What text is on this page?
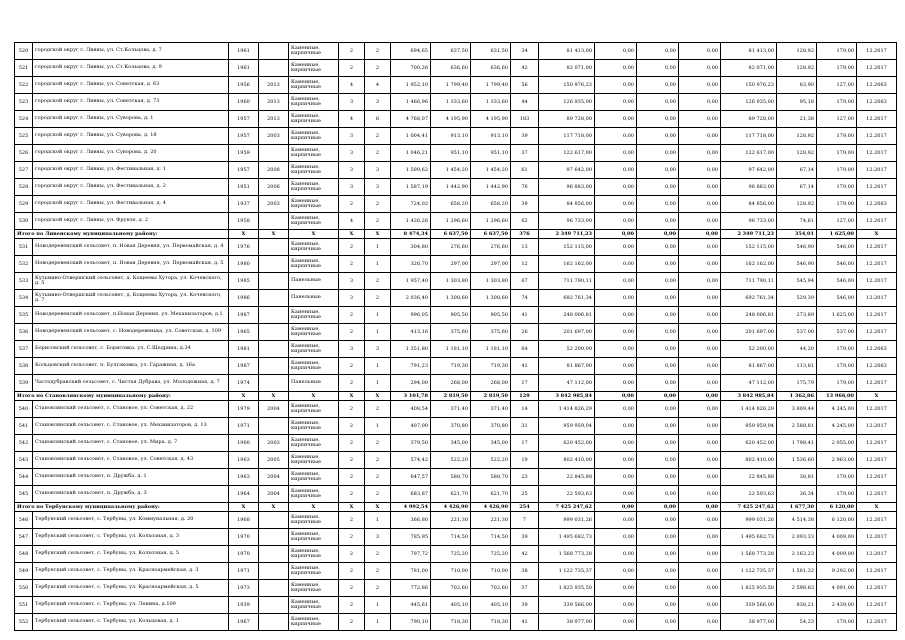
520	городской округ г. Ливны, ул. Ст.Кольцова, д. 7	1961		Каменные, кирпичные	2	2	694,65	637,50	631,50	34	81 413,00	0,00	0,00	0,00	81 413,00	128,92	179,00	12.2017
521	городской округ г. Ливны, ул. Ст.Кольцова, д. 9	1961		Каменные, кирпичные	2	2	700,26	636,60	636,60	42	82 071,00	0,00	0,00	0,00	82 071,00	128,92	179,00	12.2017
522	городской округ г. Ливны, ул. Советская, д. 63	1956	2013	Каменные, кирпичные	4	4	1 952,10	1 799,40	1 799,40	56	150 976,23	0,00	0,00	0,00	150 976,23	83,90	127,00	12.2063
523	городской округ г. Ливны, ул. Советская, д. 73	1960	2013	Каменные, кирпичные	3	3	1 466,96	1 333,60	1 333,60	44	126 935,00	0,00	0,00	0,00	126 935,00	95,18	179,00	12.2063
524	городской округ г. Ливны, ул. Суворова, д. 1	1957	2013	Каменные, кирпичные	4	6	4 768,07	4 195,90	4 195,90	183	89 728,00	0,00	0,00	0,00	89 728,00	21,38	127,00	12.2017
525	городской округ г. Ливны, ул. Суворова, д. 18	1957	2003	Каменные, кирпичные	3	2	1 004,41	913,10	913,10	39	117 718,00	0,00	0,00	0,00	117 718,00	128,92	179,00	12.2017
526	городской округ г. Ливны, ул. Суворова, д. 20	1959		Каменные, кирпичные	3	2	1 046,21	951,10	951,10	37	122 617,00	0,00	0,00	0,00	122 617,00	128,92	179,00	12.2017
527	городской округ г. Ливны, ул. Фестивальная, д. 1	1957	2008	Каменные, кирпичные	3	3	1 599,62	1 454,20	1 454,20	61	97 642,00	0,00	0,00	0,00	97 642,00	67,14	179,00	12.2017
528	городской округ г. Ливны, ул. Фестивальная, д. 2	1951	2006	Каменные, кирпичные	3	3	1 587,19	1 442,90	1 442,90	76	96 883,00	0,00	0,00	0,00	96 883,00	67,14	179,00	12.2017
529	городской округ г. Ливны, ул. Фестивальная, д. 4	1937	2003	Каменные, кирпичные	2	2	724,02	658,20	658,20	39	84 856,00	0,00	0,00	0,00	84 856,00	128,92	179,00	12.2063
530	городской округ г. Ливны, ул. Фрунзе, д. 2	1958		Каменные, кирпичные	4	2	1 426,26	1 296,60	1 296,60	62	96 733,00	0,00	0,00	0,00	96 733,00	74,61	127,00	12.2017
Итого по Ливенскому муниципальному району:		X	X	X	X	X	8 474,34	6 637,50	6 637,50	376	2 349 711,23	0,00	0,00	0,00	2 349 711,23	354,01	1 625,00	X
531	Новодеревенский сельсовет, п. Новая Деревня, ул. Первомайская, д. 4	1976		Каменные, кирпичные	2	1	304,80	276,60	276,60	13	152 115,00	0,00	0,00	0,00	152 115,00	546,90	546,00	12.2017
532	Новодеревенский сельсовет, п. Новая Деревня, ул. Первомайская, д. 5	1980		Каменные, кирпичные	2	1	326,70	297,00	297,00	12	162 162,00	0,00	0,00	0,00	162 162,00	546,90	546,00	12.2017
533	Кутьмино-Отвершский сельсовет, д. Кощеевы Хутора, ул. Кочевского, д. 5	1985		Панельные	3	2	1 957,40	1 303,80	1 303,80	67	711 790,11	0,00	0,00	0,00	711 790,11	545,94	546,00	12.2017
534	Кутьмино-Отвершский сельсовет, д. Кощеевы Хутора, ул. Кочевского, д. 7	1986		Панельные	3	2	2 036,40	1 308,60	1 308,60	74	692 761,34	0,00	0,00	0,00	692 761,34	529,39	546,00	12.2017
535	Новодеревенский сельсовет, п.Новая Деревня, ул. Механизаторов, д.1	1987		Каменные, кирпичные	2	1	996,05	905,50	905,50	41	248 006,81	0,00	0,00	0,00	248 006,81	273,89	1 625,00	12.2017
536	Новодеревенский сельсовет, с. Новодеревенька, ул. Советская, д. 109	1965		Каменные, кирпичные	2	1	413,16	375,60	375,60	26	201 697,00	0,00	0,00	0,00	201 697,00	537,00	537,00	12.2017
537	Борисовский сельсовет, с. Борисовка, ул. С.Щедрина, д.34	1981		Каменные, кирпичные	3	3	1 351,80	1 181,10	1 181,10	64	52 200,00	0,00	0,00	0,00	52 200,00	44,20	179,00	12.2063
538	Кольцовский сельсовет, п. Булгаковка, ул. Гаражная, д. 16а	1987		Каменные, кирпичные	2	1	791,23	719,30	719,30	41	81 867,00	0,00	0,00	0,00	81 867,00	113,81	179,00	12.2063
539	Частодубравский сельсовет, с. Чистая Дубрава, ул. Молодежная, д. 7	1974		Панельные	2	1	294,00	268,00	268,00	17	47 112,00	0,00	0,00	0,00	47 112,00	175,79	179,00	12.2017
Итого по Становлянскому муниципальному району:		X	X	X	X	X	3 101,78	2 819,50	2 819,50	129	3 842 985,84	0,00	0,00	0,00	3 842 985,84	1 362,86	13 966,00	X
540	Становлянский сельсовет, с. Становое, ул. Советская, д. 22	1979	2004	Каменные, кирпичные	2	2	408,54	371,40	371,40	14	1 414 826,29	0,00	0,00	0,00	1 414 826,29	3 809,44	4 245,00	12.2017
541	Становлянский сельсовет, с. Становое, ул. Механизаторов, д. 13	1971		Каменные, кирпичные	2	1	407,00	370,80	370,80	31	959 959,04	0,00	0,00	0,00	959 959,04	2 588,81	4 245,00	12.2017
542	Становлянский сельсовет, с. Становое, ул. Мира, д. 7	1960	2003	Каменные, кирпичные	2	2	379,50	345,00	345,00	17	620 452,00	0,00	0,00	0,00	620 452,00	1 798,41	2 055,00	12.2017
543	Становлянский сельсовет, с. Становое, ул. Советская, д. 43	1963	2005	Каменные, кирпичные	2	2	574,42	522,20	522,20	19	802 410,00	0,00	0,00	0,00	802 410,00	1 536,60	2 963,00	12.2017
544	Становлянский сельсовет, п. Дружба, д. 1	1963	2004	Каменные, кирпичные	2	2	647,57	588,70	588,70	23	22 845,88	0,00	0,00	0,00	22 845,88	38,81	179,00	12.2017
545	Становлянский сельсовет, п. Дружба, д. 3	1964	2004	Каменные, кирпичные	2	2	683,87	621,70	621,70	25	22 593,63	0,00	0,00	0,00	22 593,63	36,34	179,00	12.2017
Итого по Тербунскому муниципальному району:		X	X	X	X	X	4 992,54	4 426,90	4 426,90	254	7 425 247,62	0,00	0,00	0,00	7 425 247,62	1 677,30	6 120,00	X
546	Тербунский сельсовет, с. Тербуны, ул. Коммунальная, д. 20	1968		Каменные, кирпичные	2	1	366,80	221,30	221,30	7	999 031,26	0,00	0,00	0,00	999 031,26	4 514,38	6 120,00	12.2017
547	Тербунский сельсовет, с. Тербуны, ул. Колхозная, д. 3	1970		Каменные, кирпичные	2	3	785,95	714,50	714,50	39	1 495 682,73	0,00	0,00	0,00	1 495 682,73	2 093,33	4 009,00	12.2017
548	Тербунский сельсовет, с. Тербуны, ул. Колхозная, д. 5	1970		Каменные, кирпичные	2	2	797,72	725,20	725,20	42	1 568 773,28	0,00	0,00	0,00	1 568 773,28	2 163,23	4 009,00	12.2017
549	Тербунский сельсовет, с. Тербуны, ул. Красноармейская, д. 3	1971		Каменные, кирпичные	2	2	781,00	710,00	710,00	38	1 122 735,37	0,00	0,00	0,00	1 122 735,37	1 581,32	9 292,00	12.2017
550	Тербунский сельсовет, с. Тербуны, ул. Красноармейская, д. 5	1973		Каменные, кирпичные	2	2	772,86	702,60	702,60	37	1 825 935,50	0,00	0,00	0,00	1 825 935,50	2 598,83	4 091,00	12.2017
551	Тербунский сельсовет, с. Тербуны, ул. Ленина, д.109	1939		Каменные, кирпичные	2	1	445,61	405,10	405,10	39	339 566,00	0,00	0,00	0,00	339 566,00	838,21	2 439,00	12.2017
552	Тербунский сельсовет, с. Тербуны, ул. Кольцовая, д. 1	1967		Каменные, кирпичные	2	1	790,10	718,30	718,30	41	38 977,00	0,00	0,00	0,00	38 977,00	54,23	179,00	12.2017
